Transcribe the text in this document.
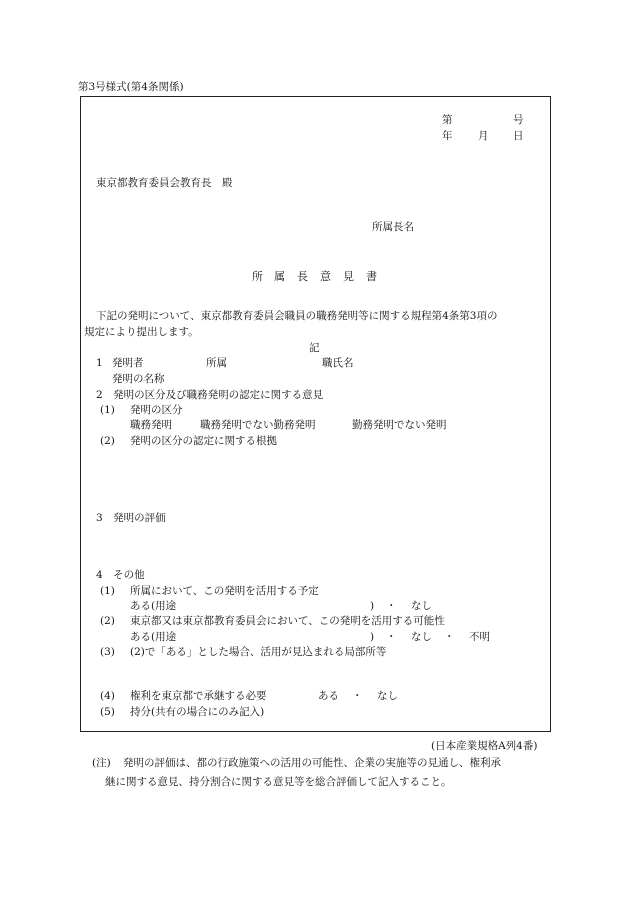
第3号様式(第4条関係)
第	号
年 月 日
東京都教育委員会教育長　殿
所属長名
所 属 長 意 見 書
下記の発明について、東京都教育委員会職員の職務発明等に関する規程第4条第3項の
規定により提出します。
記
1 発明者	所属	職氏名
発明の名称
2　発明の区分及び職務発明の認定に関する意見
(1) 発明の区分
職務発明	職務発明でない勤務発明	勤務発明でない発明
(2) 発明の区分の認定に関する根拠
3　発明の評価
4　その他
(1) 所属において、この発明を活用する予定
ある(用途	) ・ なし
(2) 東京都又は東京都教育委員会において、この発明を活用する可能性
ある(用途	) ・ なし ・ 不明
(3) (2)で「ある」とした場合、活用が見込まれる局部所等
(4) 権利を東京都で承継する必要	ある ・ なし
(5) 持分(共有の場合にのみ記入)
(日本産業規格A列4番)
(注) 発明の評価は、都の行政施策への活用の可能性、企業の実施等の見通し、権利承
継に関する意見、持分割合に関する意見等を総合評価して記入すること。
